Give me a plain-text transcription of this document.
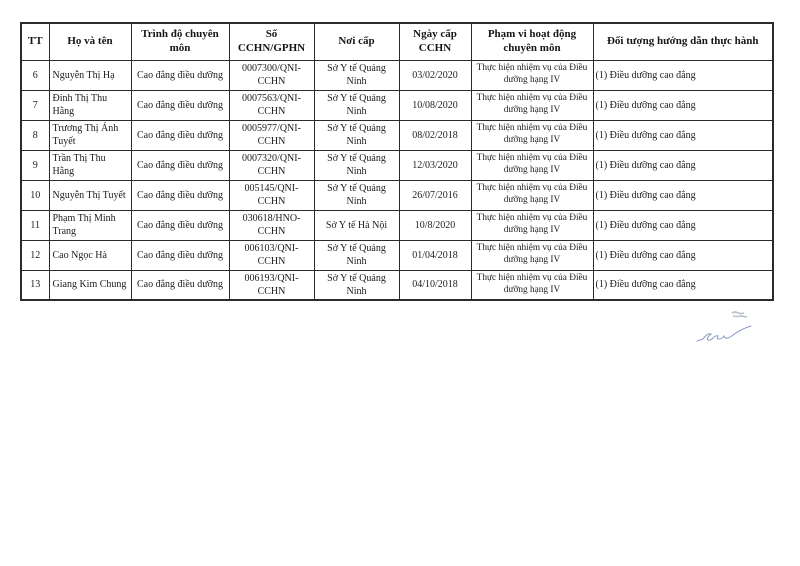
TT	Họ và tên	Trình độ chuyên môn	Số CCHN/GPHN	Nơi cấp	Ngày cấp CCHN	Phạm vi hoạt động chuyên môn	Đối tượng hướng dẫn thực hành
6	Nguyễn Thị Hạ	Cao đẳng điều dưỡng	0007300/QNI-CCHN	Sở Y tế Quảng Ninh	03/02/2020	Thực hiện nhiệm vụ của Điều dưỡng hạng IV	(1) Điều dưỡng cao đẳng
7	Đinh Thị Thu Hằng	Cao đẳng điều dưỡng	0007563/QNI-CCHN	Sở Y tế Quảng Ninh	10/08/2020	Thực hiện nhiệm vụ của Điều dưỡng hạng IV	(1) Điều dưỡng cao đẳng
8	Trương Thị Ánh Tuyết	Cao đẳng điều dưỡng	0005977/QNI-CCHN	Sở Y tế Quảng Ninh	08/02/2018	Thực hiện nhiệm vụ của Điều dưỡng hạng IV	(1) Điều dưỡng cao đẳng
9	Trần Thị Thu Hằng	Cao đẳng điều dưỡng	0007320/QNI-CCHN	Sở Y tế Quảng Ninh	12/03/2020	Thực hiện nhiệm vụ của Điều dưỡng hạng IV	(1) Điều dưỡng cao đẳng
10	Nguyễn Thị Tuyết	Cao đẳng điều dưỡng	005145/QNI-CCHN	Sở Y tế Quảng Ninh	26/07/2016	Thực hiện nhiệm vụ của Điều dưỡng hạng IV	(1) Điều dưỡng cao đẳng
11	Phạm Thị Minh Trang	Cao đẳng điều dưỡng	030618/HNO-CCHN	Sở Y tế Hà Nội	10/8/2020	Thực hiện nhiệm vụ của Điều dưỡng hạng IV	(1) Điều dưỡng cao đẳng
12	Cao Ngọc Hà	Cao đẳng điều dưỡng	006103/QNI-CCHN	Sở Y tế Quảng Ninh	01/04/2018	Thực hiện nhiệm vụ của Điều dưỡng hạng IV	(1) Điều dưỡng cao đẳng
13	Giang Kim Chung	Cao đẳng điều dưỡng	006193/QNI-CCHN	Sở Y tế Quảng Ninh	04/10/2018	Thực hiện nhiệm vụ của Điều dưỡng hạng IV	(1) Điều dưỡng cao đẳng
